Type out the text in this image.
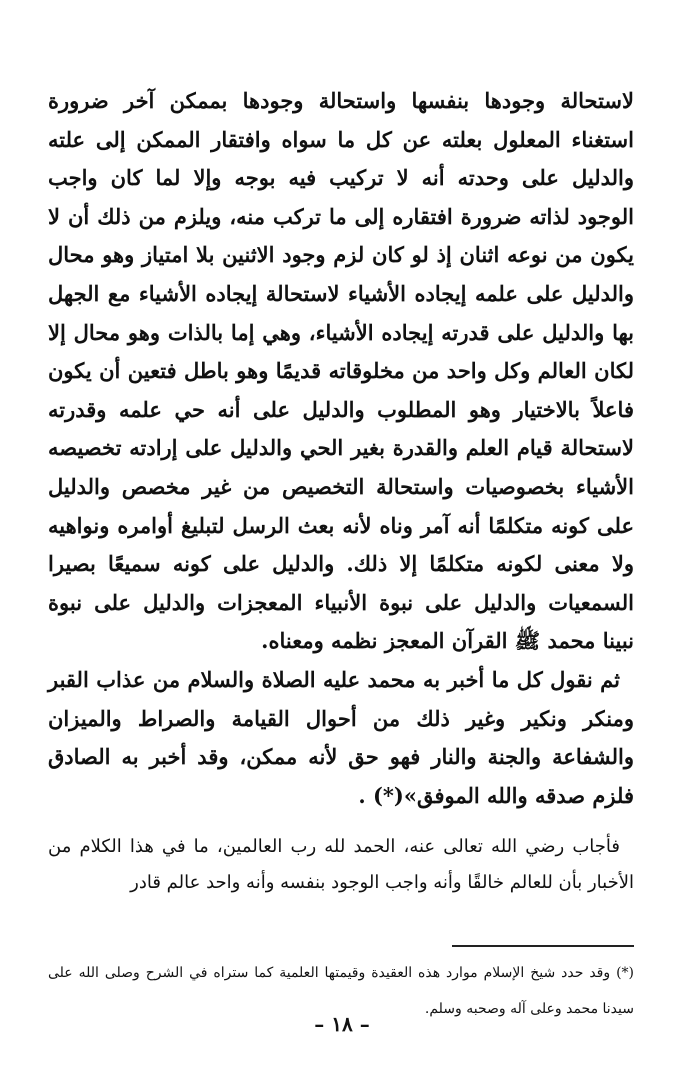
لاستحالة وجودها بنفسها واستحالة وجودها بممكن آخر ضرورة استغناء المعلول بعلته عن كل ما سواه وافتقار الممكن إلى علته والدليل على وحدته أنه لا تركيب فيه بوجه وإلا لما كان واجب الوجود لذاته ضرورة افتقاره إلى ما تركب منه، ويلزم من ذلك أن لا يكون من نوعه اثنان إذ لو كان لزم وجود الاثنين بلا امتياز وهو محال والدليل على علمه إيجاده الأشياء لاستحالة إيجاده الأشياء مع الجهل بها والدليل على قدرته إيجاده الأشياء، وهي إما بالذات وهو محال إلا لكان العالم وكل واحد من مخلوقاته قديمًا وهو باطل فتعين أن يكون فاعلاً بالاختيار وهو المطلوب والدليل على أنه حي علمه وقدرته لاستحالة قيام العلم والقدرة بغير الحي والدليل على إرادته تخصيصه الأشياء بخصوصيات واستحالة التخصيص من غير مخصص والدليل على كونه متكلمًا أنه آمر وناه لأنه بعث الرسل لتبليغ أوامره ونواهيه ولا معنى لكونه متكلمًا إلا ذلك. والدليل على كونه سميعًا بصيرا السمعيات والدليل على نبوة الأنبياء المعجزات والدليل على نبوة نبينا محمد ﷺ القرآن المعجز نظمه ومعناه.

ثم نقول كل ما أخبر به محمد عليه الصلاة والسلام من عذاب القبر ومنكر ونكير وغير ذلك من أحوال القيامة والصراط والميزان والشفاعة والجنة والنار فهو حق لأنه ممكن، وقد أخبر به الصادق فلزم صدقه والله الموفق»(*) .

فأجاب رضي الله تعالى عنه، الحمد لله رب العالمين، ما في هذا الكلام من الأخبار بأن للعالم خالقًا وأنه واجب الوجود بنفسه وأنه واحد عالم قادر

(*) وقد حدد شيخ الإسلام موارد هذه العقيدة وقيمتها العلمية كما ستراه في الشرح وصلى الله على سيدنا محمد وعلى آله وصحبه وسلم.

– ١٨ –
